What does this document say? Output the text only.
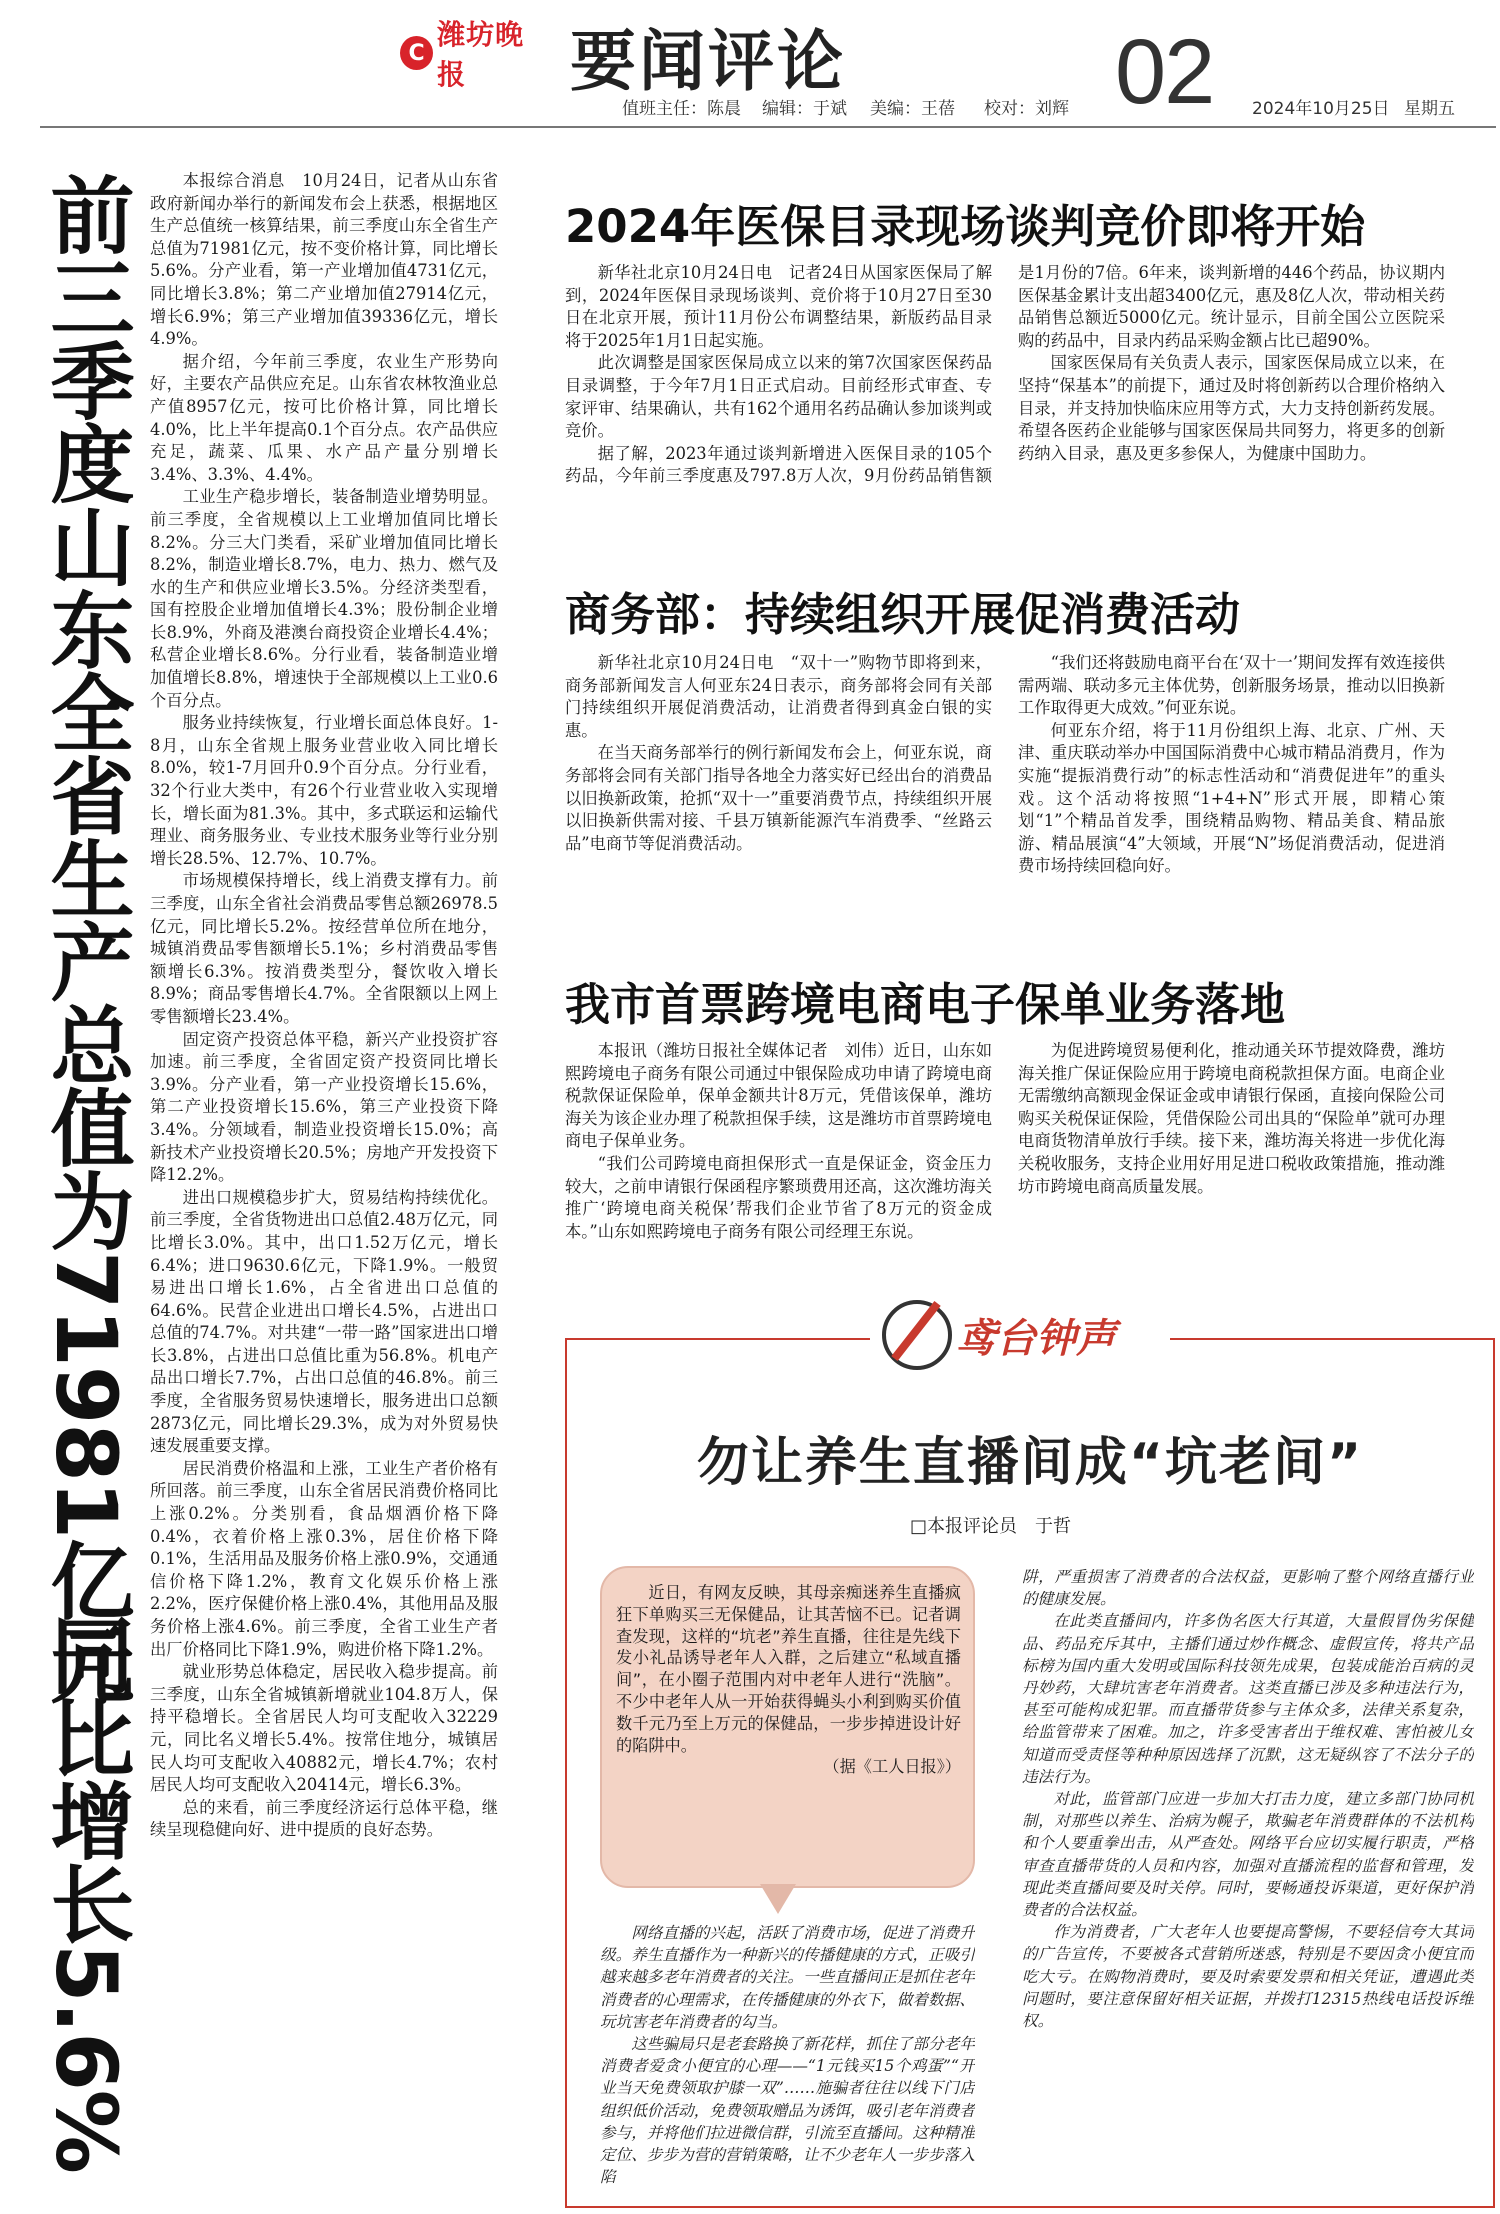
C
潍坊晚报	要闻评论	02
值班主任：陈晨 编辑：于斌 美编：王蓓 校对：刘辉	2024年10月25日 星期五
前三季度山东全省生产总值为71981亿元
同比增长5.6%

本报综合消息　10月24日，记者从山东省政府新闻办举行的新闻发布会上获悉，根据地区生产总值统一核算结果，前三季度山东全省生产总值为71981亿元，按不变价格计算，同比增长5.6%。分产业看，第一产业增加值4731亿元，同比增长3.8%；第二产业增加值27914亿元，增长6.9%；第三产业增加值39336亿元，增长4.9%。

据介绍，今年前三季度，农业生产形势向好，主要农产品供应充足。山东省农林牧渔业总产值8957亿元，按可比价格计算，同比增长4.0%，比上半年提高0.1个百分点。农产品供应充足，蔬菜、瓜果、水产品产量分别增长3.4%、3.3%、4.4%。

工业生产稳步增长，装备制造业增势明显。前三季度，全省规模以上工业增加值同比增长8.2%。分三大门类看，采矿业增加值同比增长8.2%，制造业增长8.7%，电力、热力、燃气及水的生产和供应业增长3.5%。分经济类型看，国有控股企业增加值增长4.3%；股份制企业增长8.9%，外商及港澳台商投资企业增长4.4%；私营企业增长8.6%。分行业看，装备制造业增加值增长8.8%，增速快于全部规模以上工业0.6个百分点。

服务业持续恢复，行业增长面总体良好。1-8月，山东全省规上服务业营业收入同比增长8.0%，较1-7月回升0.9个百分点。分行业看，32个行业大类中，有26个行业营业收入实现增长，增长面为81.3%。其中，多式联运和运输代理业、商务服务业、专业技术服务业等行业分别增长28.5%、12.7%、10.7%。

市场规模保持增长，线上消费支撑有力。前三季度，山东全省社会消费品零售总额26978.5亿元，同比增长5.2%。按经营单位所在地分，城镇消费品零售额增长5.1%；乡村消费品零售额增长6.3%。按消费类型分，餐饮收入增长8.9%；商品零售增长4.7%。全省限额以上网上零售额增长23.4%。

固定资产投资总体平稳，新兴产业投资扩容加速。前三季度，全省固定资产投资同比增长3.9%。分产业看，第一产业投资增长15.6%，第二产业投资增长15.6%，第三产业投资下降3.4%。分领域看，制造业投资增长15.0%；高新技术产业投资增长20.5%；房地产开发投资下降12.2%。

进出口规模稳步扩大，贸易结构持续优化。前三季度，全省货物进出口总值2.48万亿元，同比增长3.0%。其中，出口1.52万亿元，增长6.4%；进口9630.6亿元，下降1.9%。一般贸易进出口增长1.6%，占全省进出口总值的64.6%。民营企业进出口增长4.5%，占进出口总值的74.7%。对共建“一带一路”国家进出口增长3.8%，占进出口总值比重为56.8%。机电产品出口增长7.7%，占出口总值的46.8%。前三季度，全省服务贸易快速增长，服务进出口总额2873亿元，同比增长29.3%，成为对外贸易快速发展重要支撑。

居民消费价格温和上涨，工业生产者价格有所回落。前三季度，山东全省居民消费价格同比上涨0.2%。分类别看，食品烟酒价格下降0.4%，衣着价格上涨0.3%，居住价格下降0.1%，生活用品及服务价格上涨0.9%，交通通信价格下降1.2%，教育文化娱乐价格上涨2.2%，医疗保健价格上涨0.4%，其他用品及服务价格上涨4.6%。前三季度，全省工业生产者出厂价格同比下降1.9%，购进价格下降1.2%。

就业形势总体稳定，居民收入稳步提高。前三季度，山东全省城镇新增就业104.8万人，保持平稳增长。全省居民人均可支配收入32229元，同比名义增长5.4%。按常住地分，城镇居民人均可支配收入40882元，增长4.7%；农村居民人均可支配收入20414元，增长6.3%。

总的来看，前三季度经济运行总体平稳，继续呈现稳健向好、进中提质的良好态势。

2024年医保目录现场谈判竞价即将开始

新华社北京10月24日电　记者24日从国家医保局了解到，2024年医保目录现场谈判、竞价将于10月27日至30日在北京开展，预计11月份公布调整结果，新版药品目录将于2025年1月1日起实施。

此次调整是国家医保局成立以来的第7次国家医保药品目录调整，于今年7月1日正式启动。目前经形式审查、专家评审、结果确认，共有162个通用名药品确认参加谈判或竞价。

据了解，2023年通过谈判新增进入医保目录的105个药品，今年前三季度惠及797.8万人次，9月份药品销售额是1月份的7倍。6年来，谈判新增的446个药品，协议期内医保基金累计支出超3400亿元，惠及8亿人次，带动相关药品销售总额近5000亿元。统计显示，目前全国公立医院采购的药品中，目录内药品采购金额占比已超90%。

国家医保局有关负责人表示，国家医保局成立以来，在坚持“保基本”的前提下，通过及时将创新药以合理价格纳入目录，并支持加快临床应用等方式，大力支持创新药发展。希望各医药企业能够与国家医保局共同努力，将更多的创新药纳入目录，惠及更多参保人，为健康中国助力。

商务部：持续组织开展促消费活动

新华社北京10月24日电　“双十一”购物节即将到来，商务部新闻发言人何亚东24日表示，商务部将会同有关部门持续组织开展促消费活动，让消费者得到真金白银的实惠。

在当天商务部举行的例行新闻发布会上，何亚东说，商务部将会同有关部门指导各地全力落实好已经出台的消费品以旧换新政策，抢抓“双十一”重要消费节点，持续组织开展以旧换新供需对接、千县万镇新能源汽车消费季、“丝路云品”电商节等促消费活动。

“我们还将鼓励电商平台在‘双十一’期间发挥有效连接供需两端、联动多元主体优势，创新服务场景，推动以旧换新工作取得更大成效。”何亚东说。

何亚东介绍，将于11月份组织上海、北京、广州、天津、重庆联动举办中国国际消费中心城市精品消费月，作为实施“提振消费行动”的标志性活动和“消费促进年”的重头戏。这个活动将按照“1+4+N”形式开展，即精心策划“1”个精品首发季，围绕精品购物、精品美食、精品旅游、精品展演“4”大领域，开展“N”场促消费活动，促进消费市场持续回稳向好。

我市首票跨境电商电子保单业务落地

本报讯（潍坊日报社全媒体记者　刘伟）近日，山东如熙跨境电子商务有限公司通过中银保险成功申请了跨境电商税款保证保险单，保单金额共计8万元，凭借该保单，潍坊海关为该企业办理了税款担保手续，这是潍坊市首票跨境电商电子保单业务。

“我们公司跨境电商担保形式一直是保证金，资金压力较大，之前申请银行保函程序繁琐费用还高，这次潍坊海关推广‘跨境电商关税保’帮我们企业节省了8万元的资金成本。”山东如熙跨境电子商务有限公司经理王东说。

为促进跨境贸易便利化，推动通关环节提效降费，潍坊海关推广保证保险应用于跨境电商税款担保方面。电商企业无需缴纳高额现金保证金或申请银行保函，直接向保险公司购买关税保证保险，凭借保险公司出具的“保险单”就可办理电商货物清单放行手续。接下来，潍坊海关将进一步优化海关税收服务，支持企业用好用足进口税收政策措施，推动潍坊市跨境电商高质量发展。

鸢台钟声
勿让养生直播间成“坑老间”
□本报评论员　于哲

近日，有网友反映，其母亲痴迷养生直播疯狂下单购买三无保健品，让其苦恼不已。记者调查发现，这样的“坑老”养生直播，往往是先线下发小礼品诱导老年人入群，之后建立“私域直播间”，在小圈子范围内对中老年人进行“洗脑”。不少中老年人从一开始获得蝇头小利到购买价值数千元乃至上万元的保健品，一步步掉进设计好的陷阱中。
（据《工人日报》）

网络直播的兴起，活跃了消费市场，促进了消费升级。养生直播作为一种新兴的传播健康的方式，正吸引越来越多老年消费者的关注。一些直播间正是抓住老年消费者的心理需求，在传播健康的外衣下，做着数据、玩坑害老年消费者的勾当。

这些骗局只是老套路换了新花样，抓住了部分老年消费者爱贪小便宜的心理——“1元钱买15个鸡蛋”“开业当天免费领取护膝一双”……施骗者往往以线下门店组织低价活动，免费领取赠品为诱饵，吸引老年消费者参与，并将他们拉进微信群，引流至直播间。这种精准定位、步步为营的营销策略，让不少老年人一步步落入陷

阱，严重损害了消费者的合法权益，更影响了整个网络直播行业的健康发展。

在此类直播间内，许多伪名医大行其道，大量假冒伪劣保健品、药品充斥其中，主播们通过炒作概念、虚假宣传，将共产品标榜为国内重大发明或国际科技领先成果，包装成能治百病的灵丹妙药，大肆坑害老年消费者。这类直播已涉及多种违法行为，甚至可能构成犯罪。而直播带货参与主体众多，法律关系复杂，给监管带来了困难。加之，许多受害者出于维权难、害怕被儿女知道而受责怪等种种原因选择了沉默，这无疑纵容了不法分子的违法行为。

对此，监管部门应进一步加大打击力度，建立多部门协同机制，对那些以养生、治病为幌子，欺骗老年消费群体的不法机构和个人要重拳出击，从严查处。网络平台应切实履行职责，严格审查直播带货的人员和内容，加强对直播流程的监督和管理，发现此类直播间要及时关停。同时，要畅通投诉渠道，更好保护消费者的合法权益。

作为消费者，广大老年人也要提高警惕，不要轻信夸大其词的广告宣传，不要被各式营销所迷惑，特别是不要因贪小便宜而吃大亏。在购物消费时，要及时索要发票和相关凭证，遭遇此类问题时，要注意保留好相关证据，并拨打12315热线电话投诉维权。
